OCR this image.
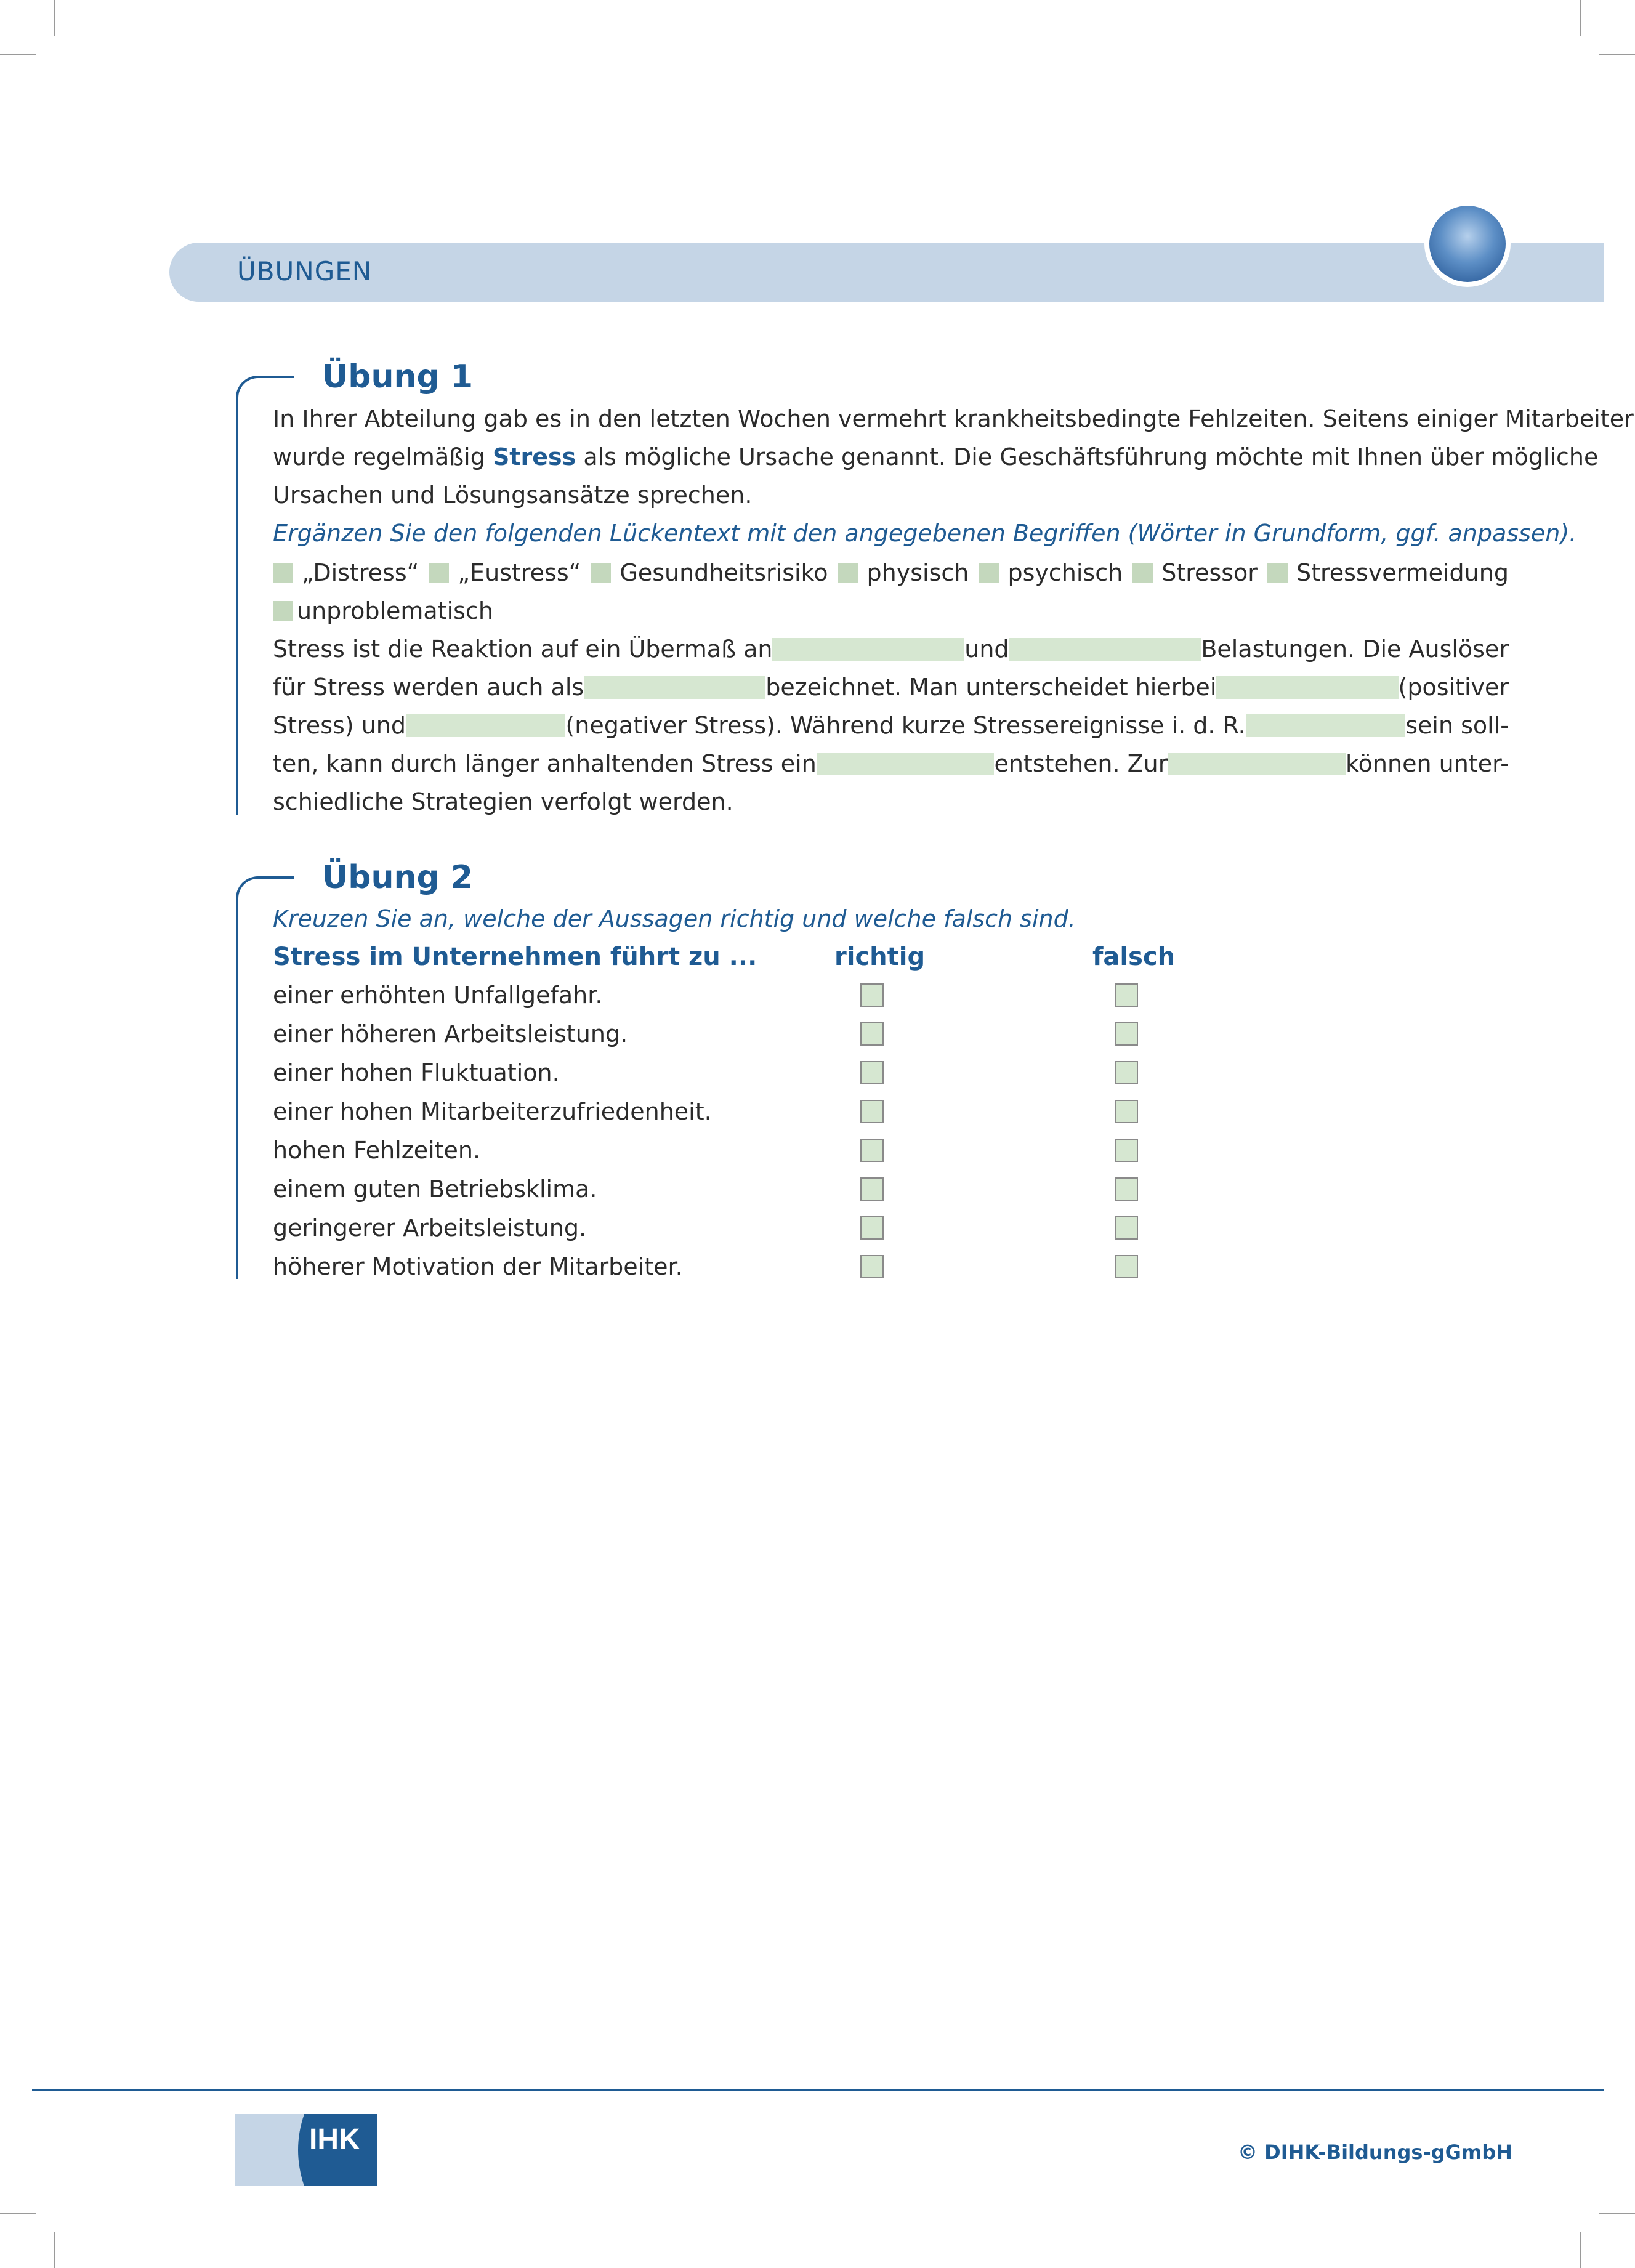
ÜBUNGEN
Übung 1
In Ihrer Abteilung gab es in den letzten Wochen vermehrt krankheitsbedingte Fehlzeiten. Seitens einiger Mitarbeiter
wurde regelmäßig Stress als mögliche Ursache genannt. Die Geschäftsführung möchte mit Ihnen über mögliche
Ursachen und Lösungsansätze sprechen.
Ergänzen Sie den folgenden Lückentext mit den angegebenen Begriffen (Wörter in Grundform, ggf. anpassen).
„Distress“ „Eustress“ Gesundheitsrisiko physisch psychisch Stressor Stressvermeidung
unproblematisch
Stress ist die Reaktion auf ein Übermaß an	und	Belastungen. Die Auslöser
für Stress werden auch als	bezeichnet. Man unterscheidet hierbei	(positiver
Stress) und	(negativer Stress). Während kurze Stressereignisse i. d. R.	sein soll-
ten, kann durch länger anhaltenden Stress ein	entstehen. Zur	können unter-
schiedliche Strategien verfolgt werden.
Übung 2
Kreuzen Sie an, welche der Aussagen richtig und welche falsch sind.
Stress im Unternehmen führt zu ...	richtig	falsch
einer erhöhten Unfallgefahr.
einer höheren Arbeitsleistung.
einer hohen Fluktuation.
einer hohen Mitarbeiterzufriedenheit.
hohen Fehlzeiten.
einem guten Betriebsklima.
geringerer Arbeitsleistung.
höherer Motivation der Mitarbeiter.
IHK	© DIHK-Bildungs-gGmbH
